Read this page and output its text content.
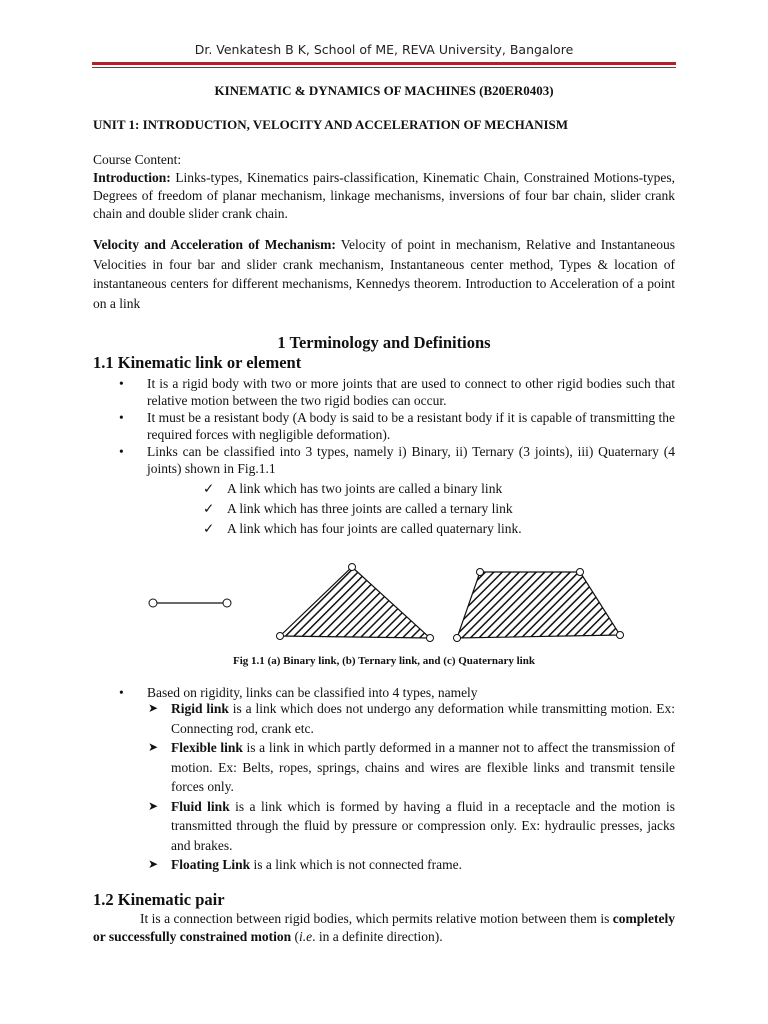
Dr. Venkatesh B K, School of ME, REVA University, Bangalore
KINEMATIC & DYNAMICS OF MACHINES (B20ER0403)
UNIT 1: INTRODUCTION, VELOCITY AND ACCELERATION OF MECHANISM
Course Content:
Introduction: Links-types, Kinematics pairs-classification, Kinematic Chain, Constrained Motions-types, Degrees of freedom of planar mechanism, linkage mechanisms, inversions of four bar chain, slider crank chain and double slider crank chain.
Velocity and Acceleration of Mechanism: Velocity of point in mechanism, Relative and Instantaneous Velocities in four bar and slider crank mechanism, Instantaneous center method, Types & location of instantaneous centers for different mechanisms, Kennedys theorem. Introduction to Acceleration of a point on a link
1 Terminology and Definitions
1.1 Kinematic link or element
• It is a rigid body with two or more joints that are used to connect to other rigid bodies such that relative motion between the two rigid bodies can occur.
• It must be a resistant body (A body is said to be a resistant body if it is capable of transmitting the required forces with negligible deformation).
• Links can be classified into 3 types, namely i) Binary, ii) Ternary (3 joints), iii) Quaternary (4 joints) shown in Fig.1.1
✓ A link which has two joints are called a binary link
✓ A link which has three joints are called a ternary link
✓ A link which has four joints are called quaternary link.
Fig 1.1 (a) Binary link, (b) Ternary link, and (c) Quaternary link
• Based on rigidity, links can be classified into 4 types, namely
➤ Rigid link is a link which does not undergo any deformation while transmitting motion. Ex: Connecting rod, crank etc.
➤ Flexible link is a link in which partly deformed in a manner not to affect the transmission of motion. Ex: Belts, ropes, springs, chains and wires are flexible links and transmit tensile forces only.
➤ Fluid link is a link which is formed by having a fluid in a receptacle and the motion is transmitted through the fluid by pressure or compression only. Ex: hydraulic presses, jacks and brakes.
➤ Floating Link is a link which is not connected frame.
1.2 Kinematic pair
It is a connection between rigid bodies, which permits relative motion between them is completely or successfully constrained motion (i.e. in a definite direction).
